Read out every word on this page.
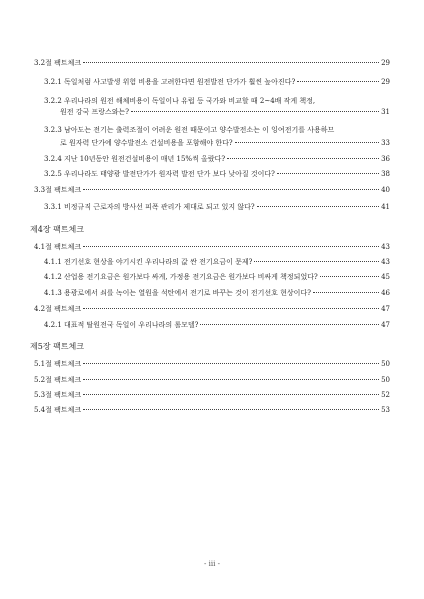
3.2절 팩트체크	29
3.2.1 독일처럼 사고발생 위험 비용을 고려한다면 원전발전 단가가 훨씬 높아진다?	29
3.2.2 우리나라의 원전 해체비용이 독일이나 유럽 등 국가와 비교할 때 2~4배 작게 책정,
원전 강국 프랑스와는?	31
3.2.3 남아도는 전기는 출력조절이 어려운 원전 때문이고 양수발전소는 이 잉여전기를 사용하므
로 원자력 단가에 양수발전소 건설비용을 포함해야 한다?	33
3.2.4 지난 10년동안 원전건설비용이 매년 15%씩 올랐다?	36
3.2.5 우리나라도 태양광 발전단가가 원자력 발전 단가 보다 낮아질 것이다?	38
3.3절 팩트체크	40
3.3.1 비정규직 근로자의 방사선 피폭 관리가 제대로 되고 있지 않다?	41
제4장 팩트체크
4.1절 팩트체크	43
4.1.1 전기선호 현상을 야기시킨 우리나라의 값 싼 전기요금이 문제?	43
4.1.2 산업용 전기요금은 원가보다 싸게, 가정용 전기요금은 원가보다 비싸게 책정되었다?	45
4.1.3 용광로에서 쇠를 녹이는 열원을 석탄에서 전기로 바꾸는 것이 전기선호 현상이다?	46
4.2절 팩트체크	47
4.2.1 대표적 탈원전국 독일이 우리나라의 롤모델?	47
제5장 팩트체크
5.1절 팩트체크	50
5.2절 팩트체크	50
5.3절 팩트체크	52
5.4절 팩트체크	53
- iii -
